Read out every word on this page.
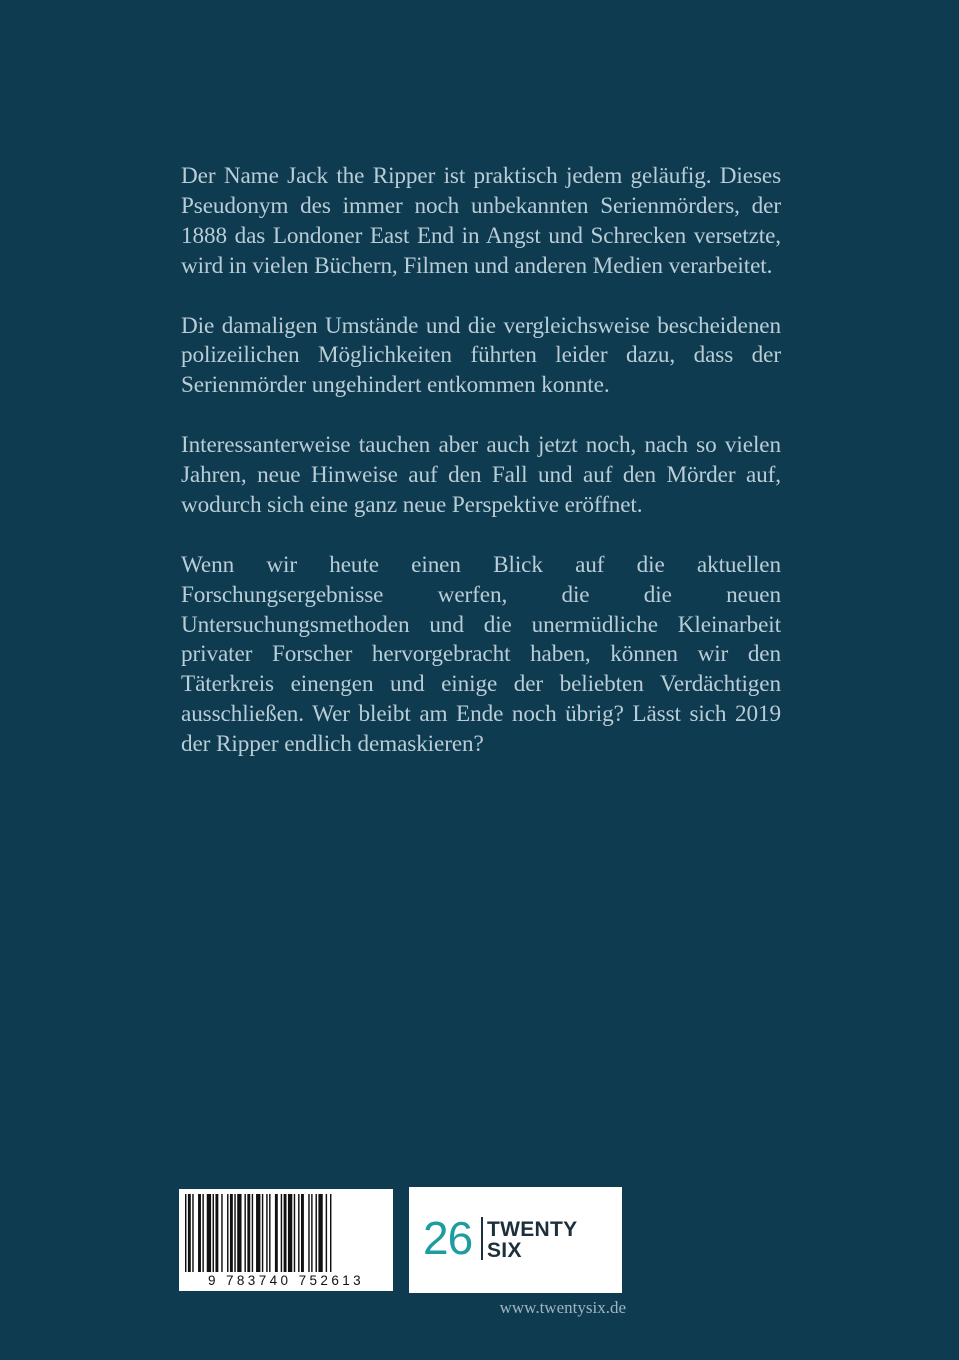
Der Name Jack the Ripper ist praktisch jedem geläufig. Dieses Pseudonym des immer noch unbekannten Serienmörders, der 1888 das Londoner East End in Angst und Schrecken versetzte, wird in vielen Büchern, Filmen und anderen Medien verarbeitet.

Die damaligen Umstände und die vergleichsweise bescheidenen polizeilichen Möglichkeiten führten leider dazu, dass der Serienmörder ungehindert entkommen konnte.

Interessanterweise tauchen aber auch jetzt noch, nach so vielen Jahren, neue Hinweise auf den Fall und auf den Mörder auf, wodurch sich eine ganz neue Perspektive eröffnet.

Wenn wir heute einen Blick auf die aktuellen Forschungsergebnisse werfen, die die neuen Untersuchungsmethoden und die unermüdliche Kleinarbeit privater Forscher hervorgebracht haben, können wir den Täterkreis einengen und einige der beliebten Verdächtigen ausschließen. Wer bleibt am Ende noch übrig? Lässt sich 2019 der Ripper endlich demaskieren?

9 783740 752613
26 TWENTY
SIX
www.twentysix.de
